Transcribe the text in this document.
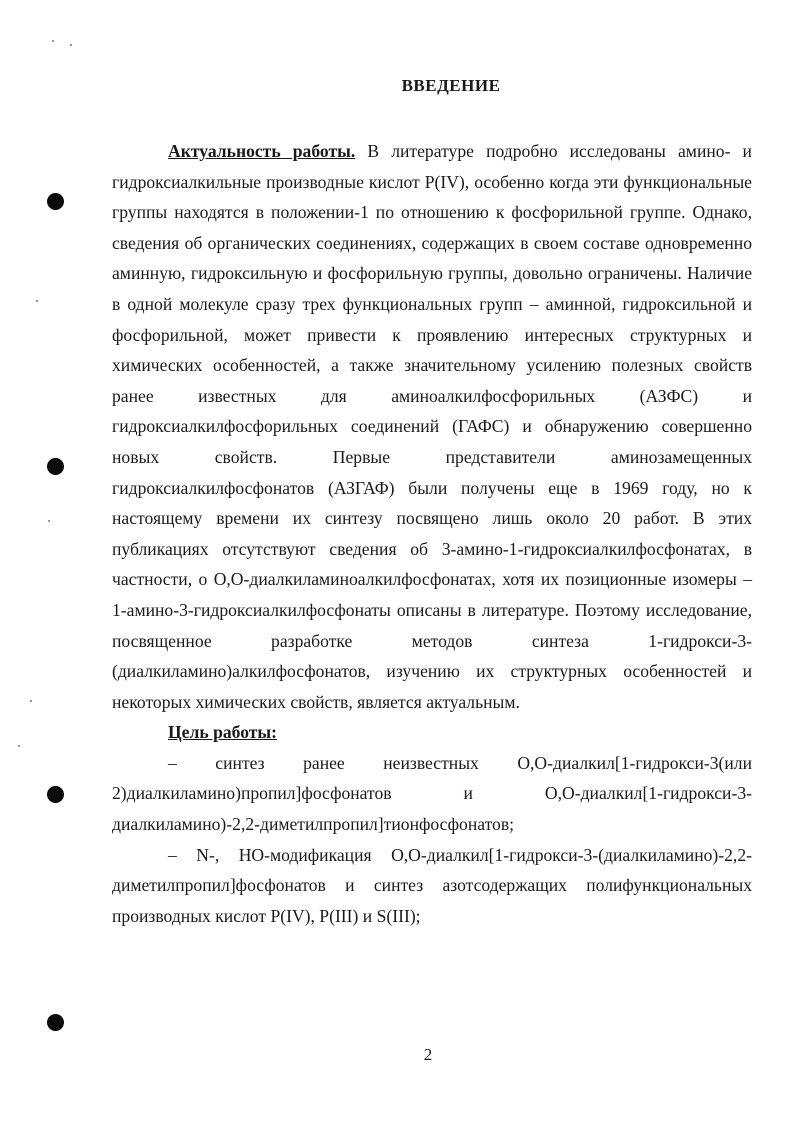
ВВЕДЕНИЕ

Актуальность работы. В литературе подробно исследованы амино- и гидроксиалкильные производные кислот P(IV), особенно когда эти функциональные группы находятся в положении-1 по отношению к фосфорильной группе. Однако, сведения об органических соединениях, содержащих в своем составе одновременно аминную, гидроксильную и фосфорильную группы, довольно ограничены. Наличие в одной молекуле сразу трех функциональных групп – аминной, гидроксильной и фосфорильной, может привести к проявлению интересных структурных и химических особенностей, а также значительному усилению полезных свойств ранее известных для аминоалкилфосфорильных (АЗФС) и гидроксиалкилфосфорильных соединений (ГАФС) и обнаружению совершенно новых свойств. Первые представители аминозамещенных гидроксиалкилфосфонатов (АЗГАФ) были получены еще в 1969 году, но к настоящему времени их синтезу посвящено лишь около 20 работ. В этих публикациях отсутствуют сведения об 3-амино-1-гидроксиалкилфосфонатах, в частности, о О,О-диалкиламиноалкилфосфонатах, хотя их позиционные изомеры – 1-амино-3-гидроксиалкилфосфонаты описаны в литературе. Поэтому исследование, посвященное разработке методов синтеза 1-гидрокси-3-(диалкиламино)алкилфосфонатов, изучению их структурных особенностей и некоторых химических свойств, является актуальным.

Цель работы:

– синтез ранее неизвестных О,О-диалкил[1-гидрокси-3(или 2)диалкиламино)пропил]фосфонатов и О,О-диалкил[1-гидрокси-3-диалкиламино)-2,2-диметилпропил]тионфосфонатов;

– N-, НО-модификация О,О-диалкил[1-гидрокси-3-(диалкиламино)-2,2-диметилпропил]фосфонатов и синтез азотсодержащих полифункциональных производных кислот P(IV), P(III) и S(III);

2
